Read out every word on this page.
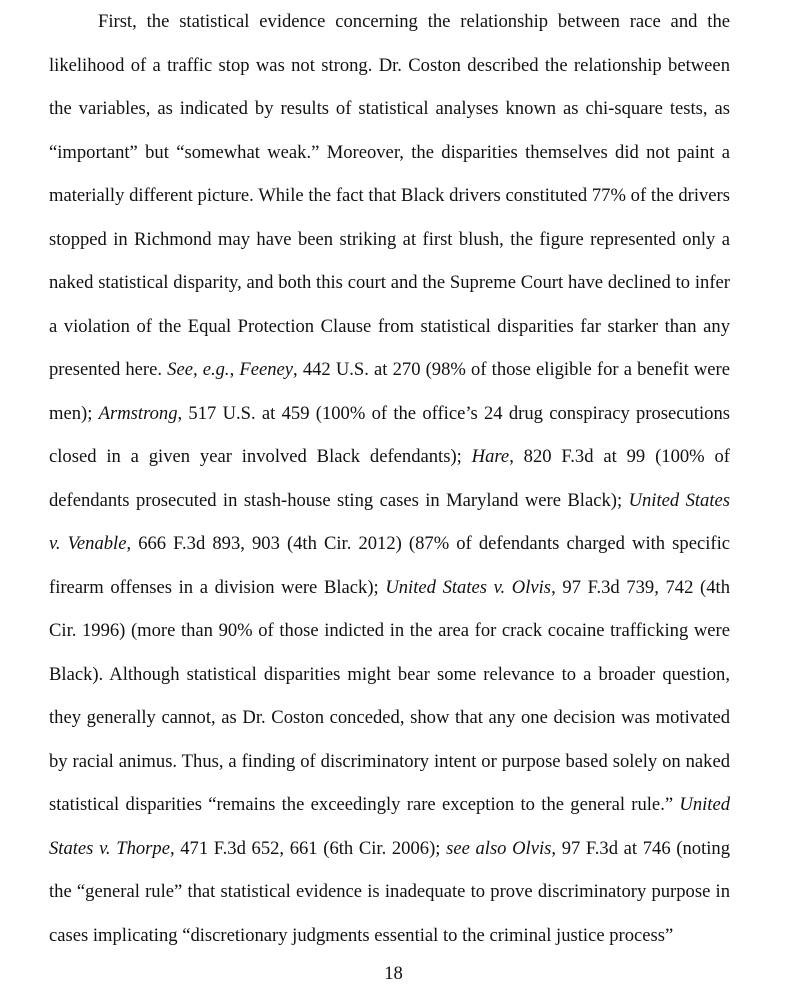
First, the statistical evidence concerning the relationship between race and the
likelihood of a traffic stop was not strong. Dr. Coston described the relationship between
the variables, as indicated by results of statistical analyses known as chi-square tests, as
“important” but “somewhat weak.” Moreover, the disparities themselves did not paint a
materially different picture. While the fact that Black drivers constituted 77% of the drivers
stopped in Richmond may have been striking at first blush, the figure represented only a
naked statistical disparity, and both this court and the Supreme Court have declined to infer
a violation of the Equal Protection Clause from statistical disparities far starker than any
presented here. See, e.g., Feeney, 442 U.S. at 270 (98% of those eligible for a benefit were
men); Armstrong, 517 U.S. at 459 (100% of the office’s 24 drug conspiracy prosecutions
closed in a given year involved Black defendants); Hare, 820 F.3d at 99 (100% of
defendants prosecuted in stash-house sting cases in Maryland were Black); United States
v. Venable, 666 F.3d 893, 903 (4th Cir. 2012) (87% of defendants charged with specific
firearm offenses in a division were Black); United States v. Olvis, 97 F.3d 739, 742 (4th
Cir. 1996) (more than 90% of those indicted in the area for crack cocaine trafficking were
Black). Although statistical disparities might bear some relevance to a broader question,
they generally cannot, as Dr. Coston conceded, show that any one decision was motivated
by racial animus. Thus, a finding of discriminatory intent or purpose based solely on naked
statistical disparities “remains the exceedingly rare exception to the general rule.” United
States v. Thorpe, 471 F.3d 652, 661 (6th Cir. 2006); see also Olvis, 97 F.3d at 746 (noting
the “general rule” that statistical evidence is inadequate to prove discriminatory purpose in
cases implicating “discretionary judgments essential to the criminal justice process”
18
